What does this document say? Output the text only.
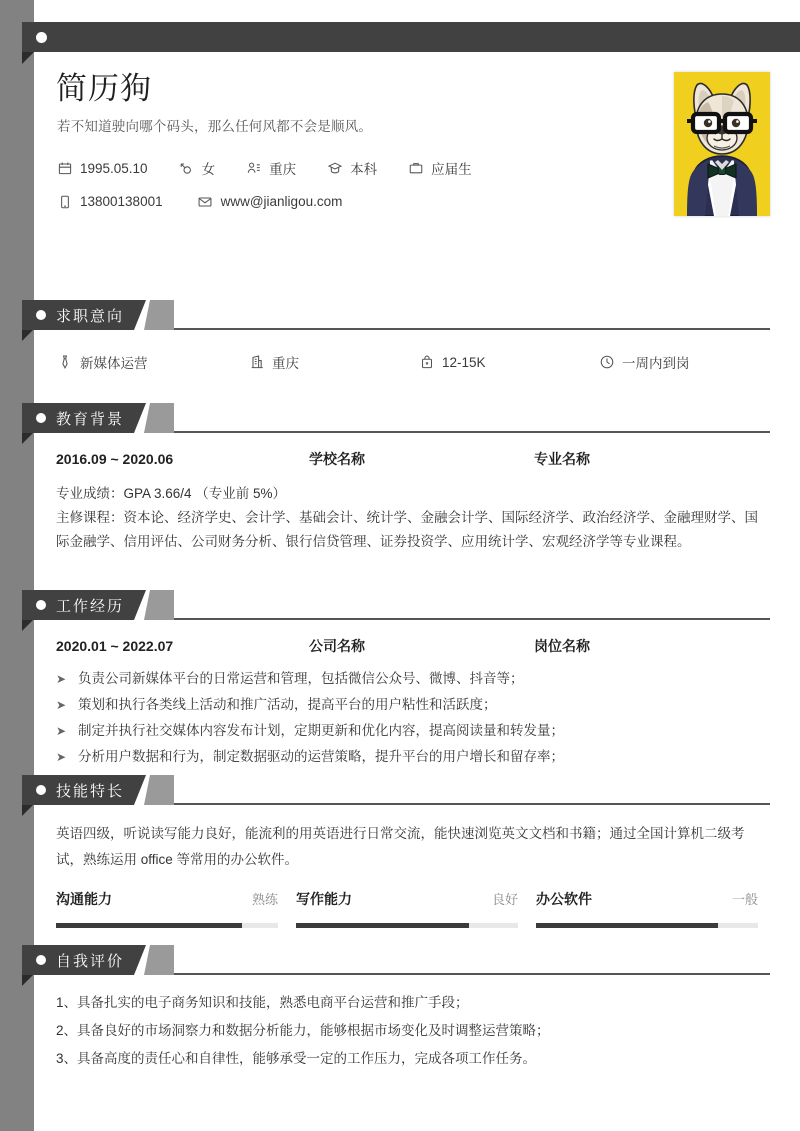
简历狗
若不知道驶向哪个码头，那么任何风都不会是顺风。
1995.05.10	女	重庆	本科	应届生
13800138001	www@jianligou.com
求职意向
新媒体运营	重庆	12-15K	一周内到岗
教育背景
2016.09 ~ 2020.06	学校名称	专业名称
专业成绩：GPA 3.66/4 （专业前 5%）
主修课程：资本论、经济学史、会计学、基础会计、统计学、金融会计学、国际经济学、政治经济学、金融理财学、国际金融学、信用评估、公司财务分析、银行信贷管理、证券投资学、应用统计学、宏观经济学等专业课程。
工作经历
2020.01 ~ 2022.07	公司名称	岗位名称
➤ 负责公司新媒体平台的日常运营和管理，包括微信公众号、微博、抖音等；
➤ 策划和执行各类线上活动和推广活动，提高平台的用户粘性和活跃度；
➤ 制定并执行社交媒体内容发布计划，定期更新和优化内容，提高阅读量和转发量；
➤ 分析用户数据和行为，制定数据驱动的运营策略，提升平台的用户增长和留存率；
技能特长
英语四级，听说读写能力良好，能流利的用英语进行日常交流，能快速浏览英文文档和书籍；通过全国计算机二级考试，熟练运用 office 等常用的办公软件。
沟通能力	熟练 写作能力	良好 办公软件	一般
自我评价
1、具备扎实的电子商务知识和技能，熟悉电商平台运营和推广手段；
2、具备良好的市场洞察力和数据分析能力，能够根据市场变化及时调整运营策略；
3、具备高度的责任心和自律性，能够承受一定的工作压力，完成各项工作任务。
